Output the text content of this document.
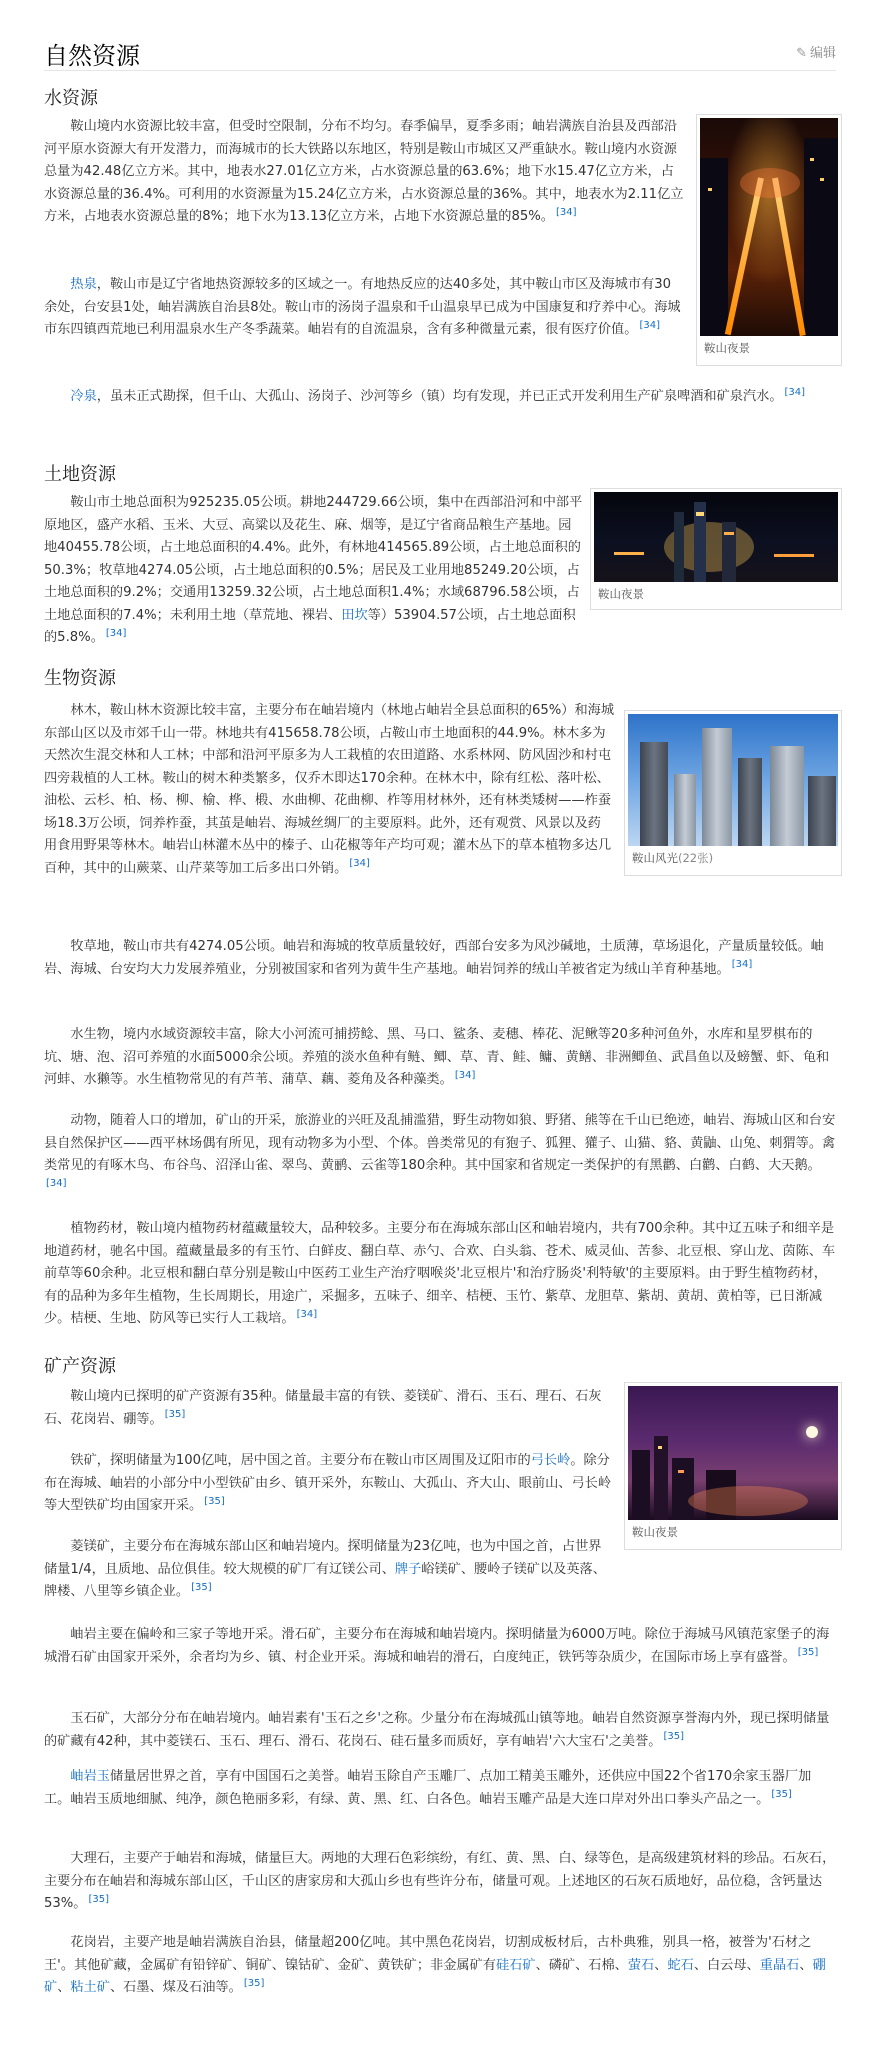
自然资源	✎ 编辑
水资源

鞍山境内水资源比较丰富，但受时空限制，分布不均匀。春季偏旱，夏季多雨；岫岩满族自治县及西部沿河平原水资源大有开发潜力，而海城市的长大铁路以东地区，特别是鞍山市城区又严重缺水。鞍山境内水资源总量为42.48亿立方米。其中，地表水27.01亿立方米，占水资源总量的63.6%；地下水15.47亿立方米，占水资源总量的36.4%。可利用的水资源量为15.24亿立方米，占水资源总量的36%。其中，地表水为2.11亿立方米，占地表水资源总量的8%；地下水为13.13亿立方米，占地下水资源总量的85%。 [34]

热泉，鞍山市是辽宁省地热资源较多的区域之一。有地热反应的达40多处，其中鞍山市区及海城市有30余处，台安县1处，岫岩满族自治县8处。鞍山市的汤岗子温泉和千山温泉早已成为中国康复和疗养中心。海城市东四镇西荒地已利用温泉水生产冬季蔬菜。岫岩有的自流温泉，含有多种微量元素，很有医疗价值。 [34]

冷泉，虽未正式勘探，但千山、大孤山、汤岗子、沙河等乡（镇）均有发现，并已正式开发利用生产矿泉啤酒和矿泉汽水。 [34]

鞍山夜景
土地资源

鞍山市土地总面积为925235.05公顷。耕地244729.66公顷，集中在西部沿河和中部平原地区，盛产水稻、玉米、大豆、高粱以及花生、麻、烟等，是辽宁省商品粮生产基地。园地40455.78公顷，占土地总面积的4.4%。此外，有林地414565.89公顷，占土地总面积的50.3%；牧草地4274.05公顷，占土地总面积的0.5%；居民及工业用地85249.20公顷，占土地总面积的9.2%；交通用13259.32公顷，占土地总面积1.4%；水域68796.58公顷，占土地总面积的7.4%；未利用土地（草荒地、裸岩、田坎等）53904.57公顷，占土地总面积的5.8%。 [34]

鞍山夜景
生物资源

林木，鞍山林木资源比较丰富，主要分布在岫岩境内（林地占岫岩全县总面积的65%）和海城东部山区以及市郊千山一带。林地共有415658.78公顷，占鞍山市土地面积的44.9%。林木多为天然次生混交林和人工林；中部和沿河平原多为人工栽植的农田道路、水系林网、防风固沙和村屯四旁栽植的人工林。鞍山的树木种类繁多，仅乔木即达170余种。在林木中，除有红松、落叶松、油松、云杉、柏、杨、柳、榆、桦、椴、水曲柳、花曲柳、柞等用材林外，还有林类矮树——柞蚕场18.3万公顷，饲养柞蚕，其茧是岫岩、海城丝绸厂的主要原料。此外，还有观赏、风景以及药用食用野果等林木。岫岩山林灌木丛中的榛子、山花椒等年产均可观；灌木丛下的草本植物多达几百种，其中的山蕨菜、山芹菜等加工后多出口外销。 [34]	鞍山风光(22张)

牧草地，鞍山市共有4274.05公顷。岫岩和海城的牧草质量较好，西部台安多为风沙碱地，土质薄，草场退化，产量质量较低。岫岩、海城、台安均大力发展养殖业，分别被国家和省列为黄牛生产基地。岫岩饲养的绒山羊被省定为绒山羊育种基地。 [34]

水生物，境内水域资源较丰富，除大小河流可捕捞鲶、黑、马口、鲨条、麦穗、棒花、泥鳅等20多种河鱼外，水库和星罗棋布的坑、塘、泡、沼可养殖的水面5000余公顷。养殖的淡水鱼种有鲢、鲫、草、青、鲑、鳙、黄鳝、非洲鲫鱼、武昌鱼以及螃蟹、虾、龟和河蚌、水獭等。水生植物常见的有芦苇、蒲草、藕、菱角及各种藻类。 [34]

动物，随着人口的增加，矿山的开采，旅游业的兴旺及乱捕滥猎，野生动物如狼、野猪、熊等在千山已绝迹，岫岩、海城山区和台安县自然保护区——西平林场偶有所见，现有动物多为小型、个体。兽类常见的有狍子、狐狸、獾子、山猫、貉、黄鼬、山兔、刺猬等。禽类常见的有啄木鸟、布谷鸟、沼泽山雀、翠鸟、黄鹂、云雀等180余种。其中国家和省规定一类保护的有黑鹳、白鹳、白鹤、大天鹅。[34]

植物药材，鞍山境内植物药材蕴藏量较大，品种较多。主要分布在海城东部山区和岫岩境内，共有700余种。其中辽五味子和细辛是地道药材，驰名中国。蕴藏量最多的有玉竹、白鲜皮、翻白草、赤勺、合欢、白头翁、苍术、威灵仙、苦参、北豆根、穿山龙、茵陈、车前草等60余种。北豆根和翻白草分别是鞍山中医药工业生产治疗咽喉炎'北豆根片'和治疗肠炎'利特敏'的主要原料。由于野生植物药材，有的品种为多年生植物，生长周期长，用途广，采掘多，五味子、细辛、桔梗、玉竹、紫草、龙胆草、紫胡、黄胡、黄柏等，已日渐减少。桔梗、生地、防风等已实行人工栽培。 [34]

矿产资源

鞍山境内已探明的矿产资源有35种。储量最丰富的有铁、菱镁矿、滑石、玉石、理石、石灰石、花岗岩、硼等。 [35]

铁矿，探明储量为100亿吨，居中国之首。主要分布在鞍山市区周围及辽阳市的弓长岭。除分布在海城、岫岩的小部分中小型铁矿由乡、镇开采外，东鞍山、大孤山、齐大山、眼前山、弓长岭等大型铁矿均由国家开采。 [35]

菱镁矿，主要分布在海城东部山区和岫岩境内。探明储量为23亿吨，也为中国之首，占世界储量1/4，且质地、品位俱佳。较大规模的矿厂有辽镁公司、牌子峪镁矿、腰岭子镁矿以及英落、牌楼、八里等乡镇企业。 [35]

鞍山夜景

岫岩主要在偏岭和三家子等地开采。滑石矿，主要分布在海城和岫岩境内。探明储量为6000万吨。除位于海城马风镇范家堡子的海城滑石矿由国家开采外，余者均为乡、镇、村企业开采。海城和岫岩的滑石，白度纯正，铁钙等杂质少，在国际市场上享有盛誉。 [35]

玉石矿，大部分分布在岫岩境内。岫岩素有'玉石之乡'之称。少量分布在海城孤山镇等地。岫岩自然资源享誉海内外，现已探明储量的矿藏有42种，其中菱镁石、玉石、理石、滑石、花岗石、硅石量多而质好，享有岫岩'六大宝石'之美誉。 [35]

岫岩玉储量居世界之首，享有中国国石之美誉。岫岩玉除自产玉雕厂、点加工精美玉雕外，还供应中国22个省170余家玉器厂加工。岫岩玉质地细腻、纯净，颜色艳丽多彩，有绿、黄、黑、红、白各色。岫岩玉雕产品是大连口岸对外出口拳头产品之一。 [35]

大理石，主要产于岫岩和海城，储量巨大。两地的大理石色彩缤纷，有红、黄、黑、白、绿等色，是高级建筑材料的珍品。石灰石，主要分布在岫岩和海城东部山区，千山区的唐家房和大孤山乡也有些许分布，储量可观。上述地区的石灰石质地好，品位稳，含钙量达53%。 [35]

花岗岩，主要产地是岫岩满族自治县，储量超200亿吨。其中黑色花岗岩，切割成板材后，古朴典雅，别具一格，被誉为'石材之王'。其他矿藏，金属矿有铅锌矿、铜矿、镍钴矿、金矿、黄铁矿；非金属矿有硅石矿、磷矿、石棉、萤石、蛇石、白云母、重晶石、硼矿、粘土矿、石墨、煤及石油等。 [35]
